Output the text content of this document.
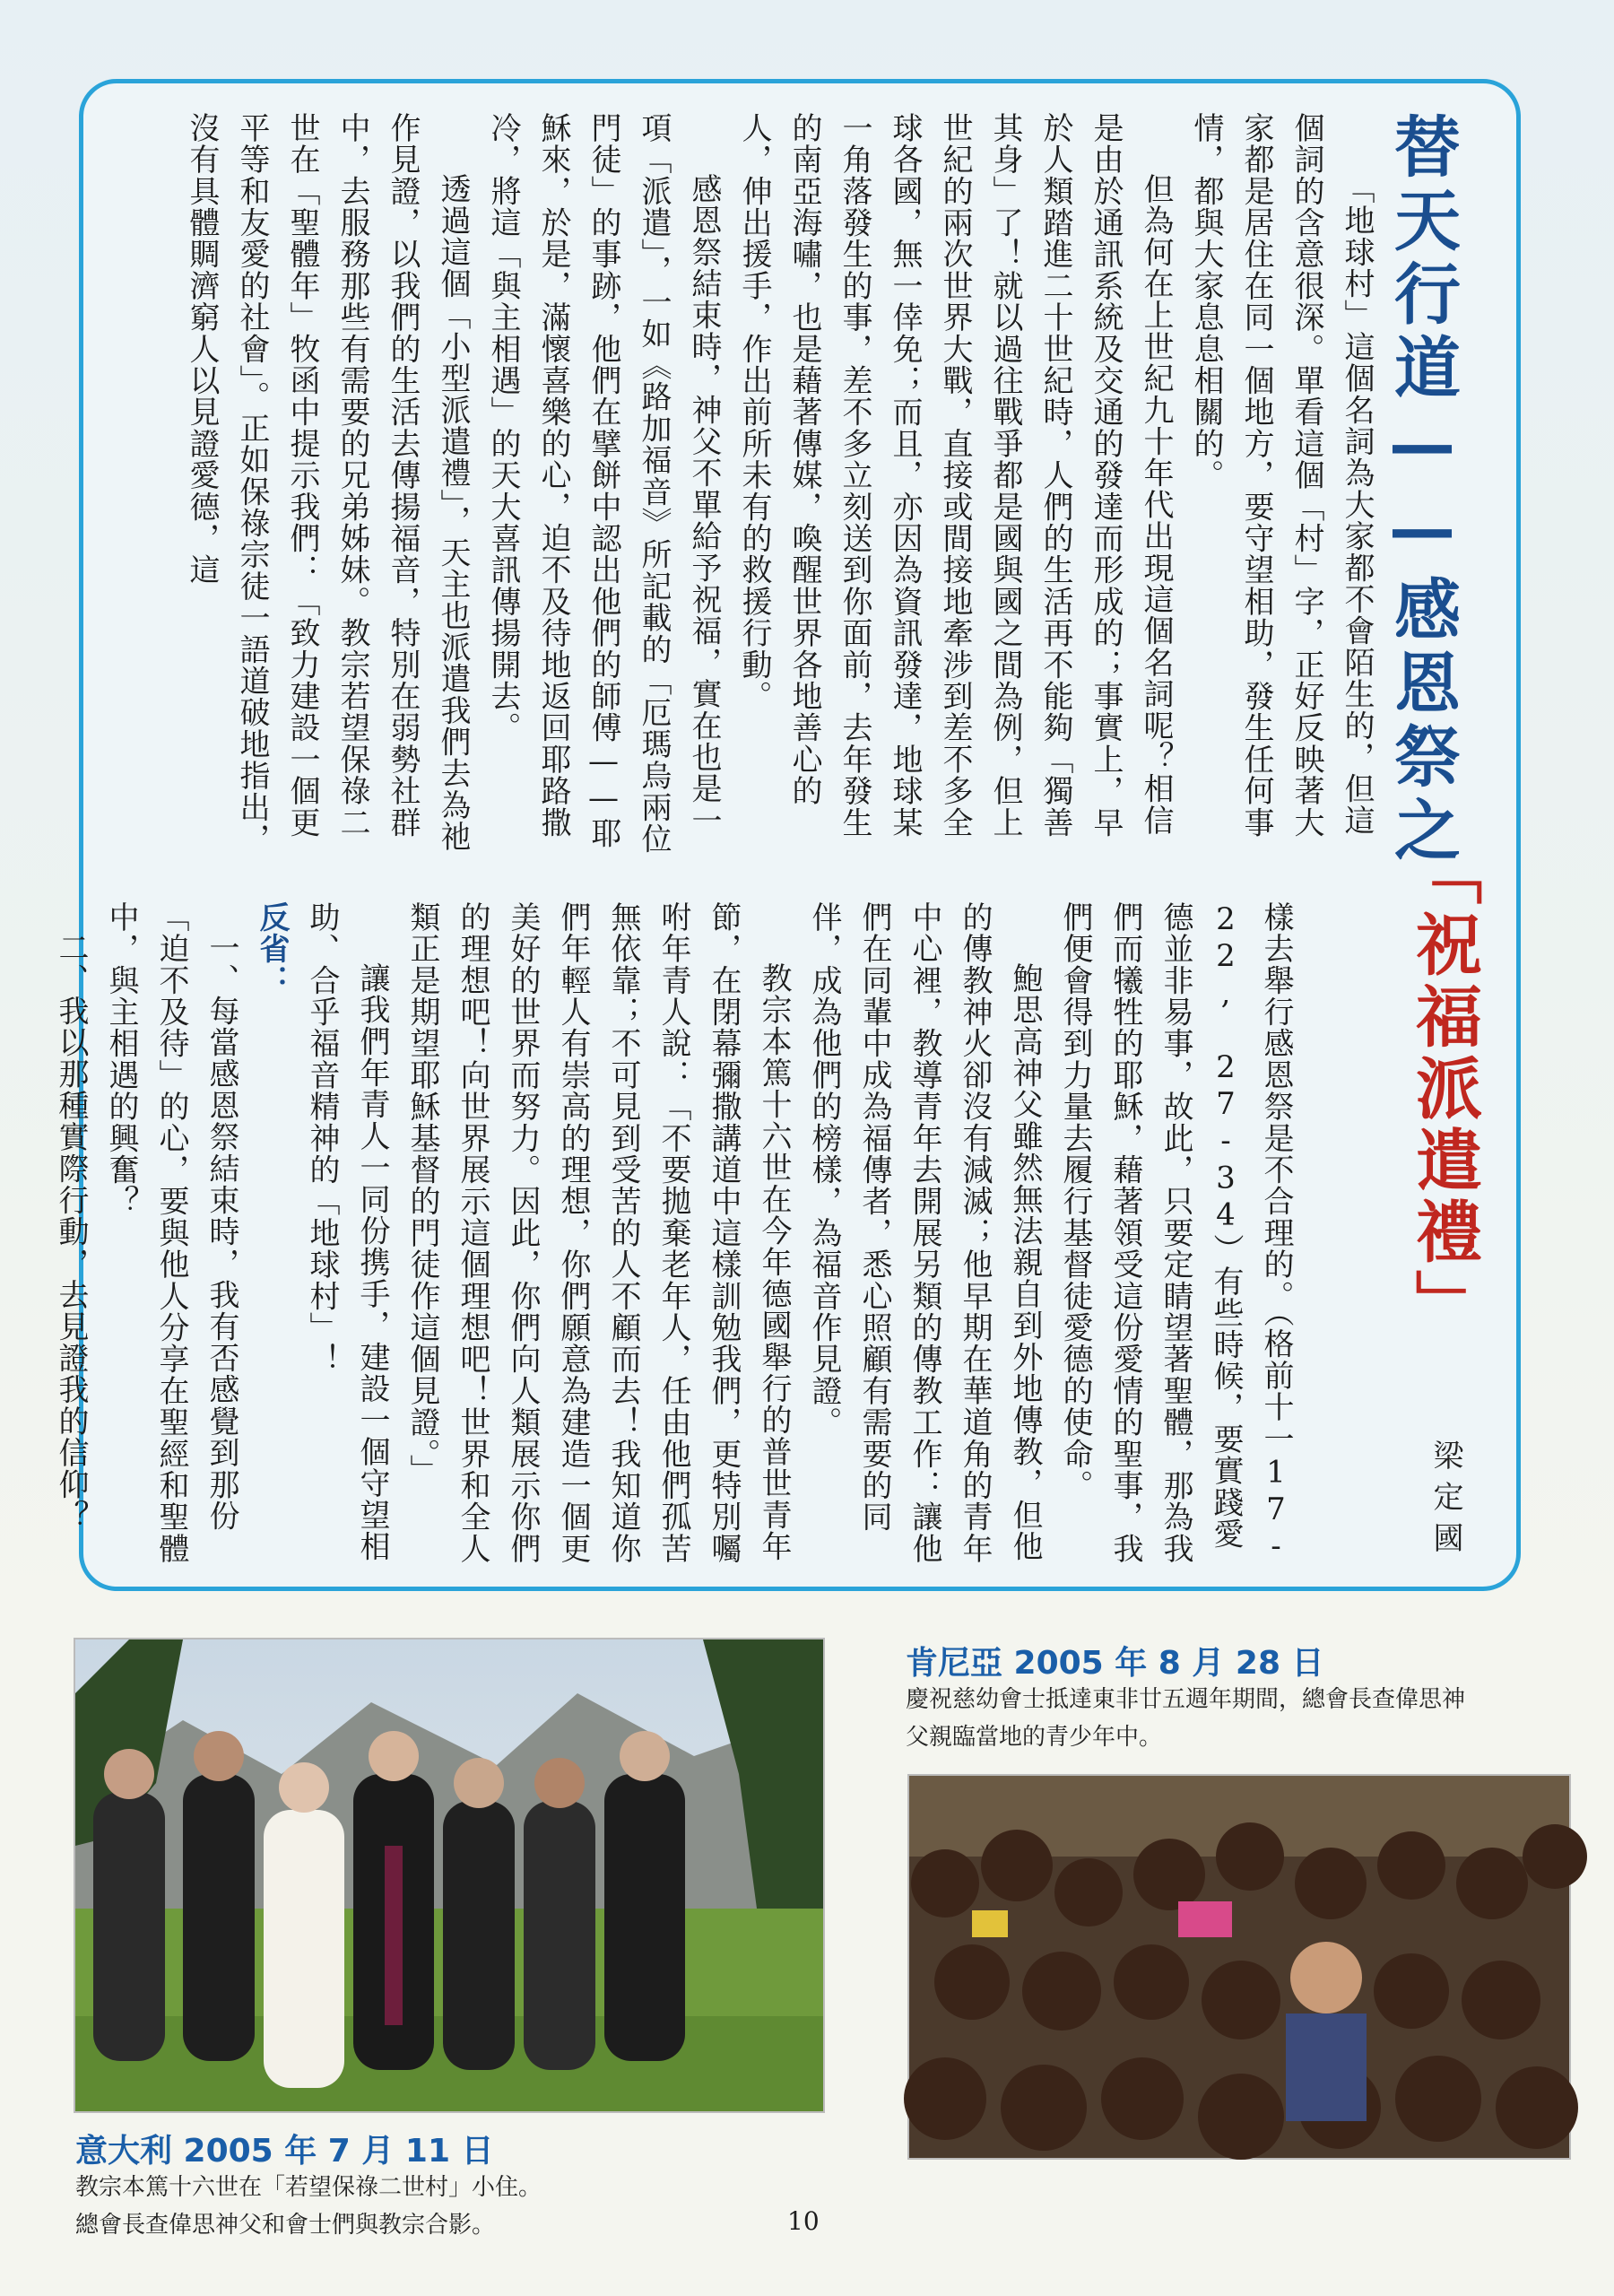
替天行道——感恩祭之
「祝福派遣禮」
梁定國

「地球村」這個名詞為大家都不會陌生的，但這個詞的含意很深。單看這個「村」字，正好反映著大家都是居住在同一個地方，要守望相助，發生任何事情，都與大家息息相關的。

但為何在上世紀九十年代出現這個名詞呢？相信是由於通訊系統及交通的發達而形成的；事實上，早於人類踏進二十世紀時，人們的生活再不能夠「獨善其身」了！就以過往戰爭都是國與國之間為例，但上世紀的兩次世界大戰，直接或間接地牽涉到差不多全球各國，無一倖免；而且，亦因為資訊發達，地球某一角落發生的事，差不多立刻送到你面前，去年發生的南亞海嘯，也是藉著傳媒，喚醒世界各地善心的人，伸出援手，作出前所未有的救援行動。

感恩祭結束時，神父不單給予祝福，實在也是一項「派遣」，一如《路加福音》所記載的「厄瑪烏兩位門徒」的事跡，他們在擘餅中認出他們的師傅——耶穌來，於是，滿懷喜樂的心，迫不及待地返回耶路撒冷，將這「與主相遇」的天大喜訊傳揚開去。

透過這個「小型派遣禮」，天主也派遣我們去為祂作見證，以我們的生活去傳揚福音，特別在弱勢社群中，去服務那些有需要的兄弟姊妹。教宗若望保祿二世在「聖體年」牧函中提示我們：「致力建設一個更平等和友愛的社會」。正如保祿宗徒一語道破地指出，沒有具體賙濟窮人以見證愛德，這

樣去舉行感恩祭是不合理的。（格前十一17-22, 27-34）有些時候，要實踐愛德並非易事，故此，只要定睛望著聖體，那為我們而犧牲的耶穌，藉著領受這份愛情的聖事，我們便會得到力量去履行基督徒愛德的使命。

鮑思高神父雖然無法親自到外地傳教，但他的傳教神火卻沒有減滅；他早期在華道角的青年中心裡，教導青年去開展另類的傳教工作：讓他們在同輩中成為福傳者，悉心照顧有需要的同伴，成為他們的榜樣，為福音作見證。

教宗本篤十六世在今年德國舉行的普世青年節，在閉幕彌撒講道中這樣訓勉我們，更特別囑咐年青人說：「不要拋棄老年人，任由他們孤苦無依靠；不可見到受苦的人不顧而去！我知道你們年輕人有崇高的理想，你們願意為建造一個更美好的世界而努力。因此，你們向人類展示你們的理想吧！向世界展示這個理想吧！世界和全人類正是期望耶穌基督的門徒作這個見證。」

讓我們年青人一同份携手，建設一個守望相助、合乎福音精神的「地球村」！

反省：

一、每當感恩祭結束時，我有否感覺到那份「迫不及待」的心，要與他人分享在聖經和聖體中，與主相遇的興奮？

二、我以那種實際行動，去見證我的信仰？

意大利 2005 年 7 月 11 日
教宗本篤十六世在「若望保祿二世村」小住。
總會長查偉思神父和會士們與教宗合影。
肯尼亞 2005 年 8 月 28 日
慶祝慈幼會士抵達東非廿五週年期間，總會長查偉思神
父親臨當地的青少年中。
10
